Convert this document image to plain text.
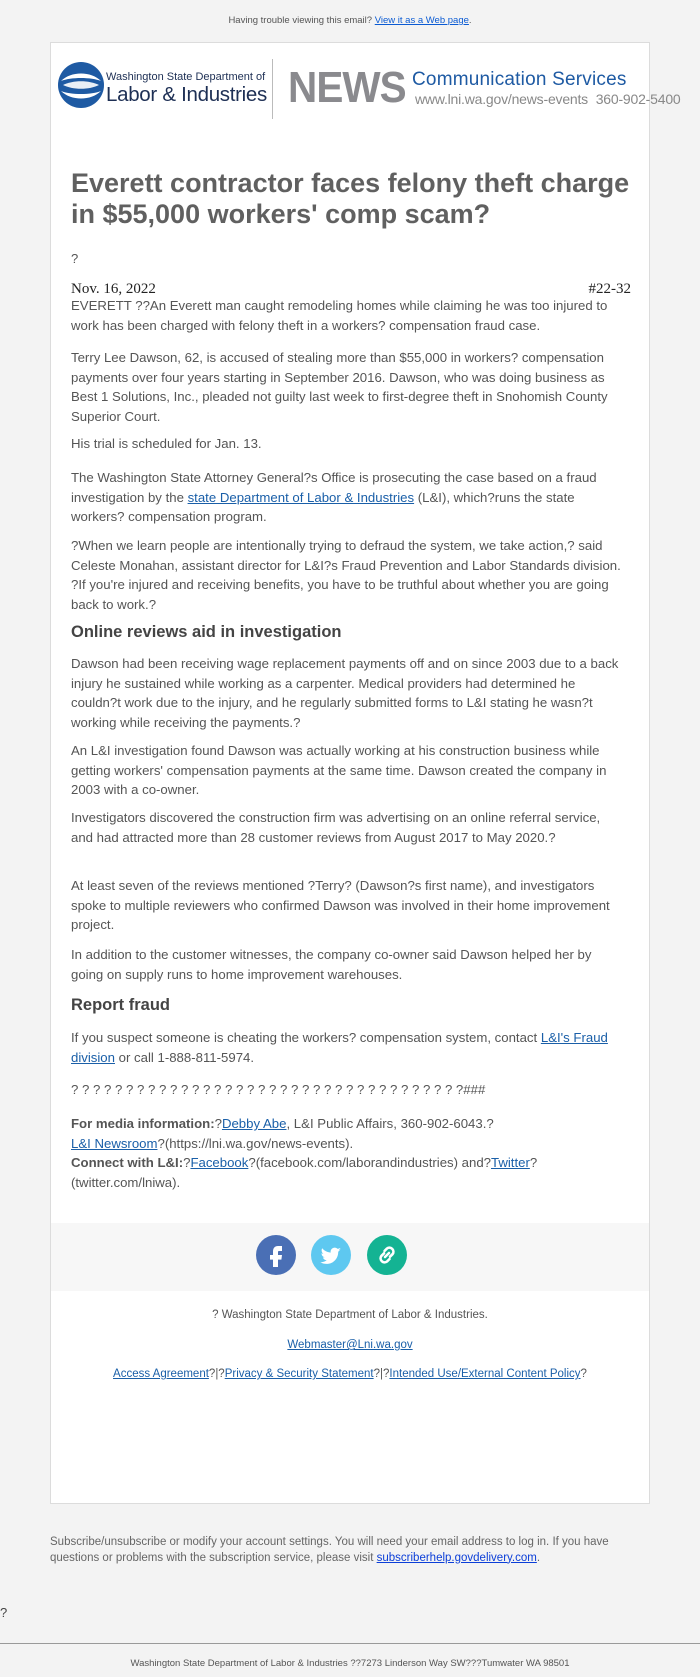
Having trouble viewing this email? View it as a Web page.
Washington State Department of
Labor & Industries NEWS Communication Services
www.lni.wa.gov/news-events 360-902-5400
Everett contractor faces felony theft charge in $55,000 workers' comp scam?
?
Nov. 16, 2022	#22-32

EVERETT ??An Everett man caught remodeling homes while claiming he was too injured to work has been charged with felony theft in a workers? compensation fraud case.

Terry Lee Dawson, 62, is accused of stealing more than $55,000 in workers? compensation payments over four years starting in September 2016. Dawson, who was doing business as Best 1 Solutions, Inc., pleaded not guilty last week to first-degree theft in Snohomish County Superior Court.

His trial is scheduled for Jan. 13.

The Washington State Attorney General?s Office is prosecuting the case based on a fraud investigation by the state Department of Labor & Industries (L&I), which?runs the state workers? compensation program.

?When we learn people are intentionally trying to defraud the system, we take action,? said Celeste Monahan, assistant director for L&I?s Fraud Prevention and Labor Standards division. ?If you're injured and receiving benefits, you have to be truthful about whether you are going back to work.?

Online reviews aid in investigation

Dawson had been receiving wage replacement payments off and on since 2003 due to a back injury he sustained while working as a carpenter. Medical providers had determined he couldn?t work due to the injury, and he regularly submitted forms to L&I stating he wasn?t working while receiving the payments.?

An L&I investigation found Dawson was actually working at his construction business while getting workers' compensation payments at the same time. Dawson created the company in 2003 with a co-owner.

Investigators discovered the construction firm was advertising on an online referral service, and had attracted more than 28 customer reviews from August 2017 to May 2020.?

At least seven of the reviews mentioned ?Terry? (Dawson?s first name), and investigators spoke to multiple reviewers who confirmed Dawson was involved in their home improvement project.

In addition to the customer witnesses, the company co-owner said Dawson helped her by going on supply runs to home improvement warehouses.

Report fraud

If you suspect someone is cheating the workers? compensation system, contact L&I's Fraud division or call 1-888-811-5974.

? ? ? ? ? ? ? ? ? ? ? ? ? ? ? ? ? ? ? ? ? ? ? ? ? ? ? ? ? ? ? ? ? ? ? ?###

For media information:?Debby Abe, L&I Public Affairs, 360-902-6043.?
L&I Newsroom?(https://lni.wa.gov/news-events).
Connect with L&I:?Facebook?(facebook.com/laborandindustries) and?Twitter?(twitter.com/lniwa).

? Washington State Department of Labor & Industries.
Webmaster@Lni.wa.gov
Access Agreement?|?Privacy & Security Statement?|?Intended Use/External Content Policy?
Subscribe/unsubscribe or modify your account settings. You will need your email address to log in. If you have questions or problems with the subscription service, please visit subscriberhelp.govdelivery.com.
?
Washington State Department of Labor & Industries ??7273 Linderson Way SW???Tumwater WA 98501
